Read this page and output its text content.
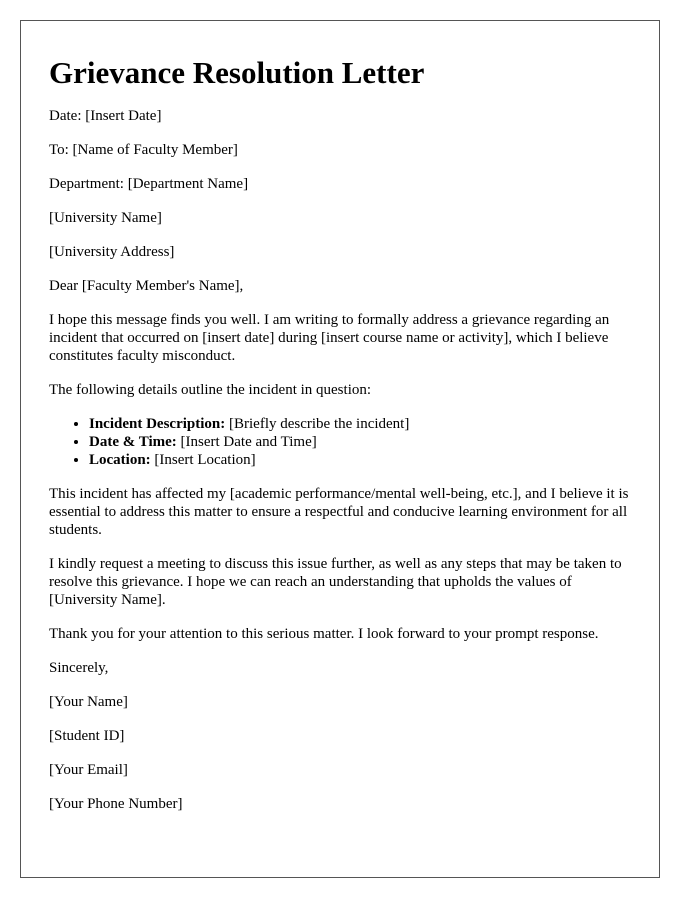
Grievance Resolution Letter

Date: [Insert Date]

To: [Name of Faculty Member]

Department: [Department Name]

[University Name]

[University Address]

Dear [Faculty Member's Name],

I hope this message finds you well. I am writing to formally address a grievance regarding an incident that occurred on [insert date] during [insert course name or activity], which I believe constitutes faculty misconduct.

The following details outline the incident in question:

• Incident Description: [Briefly describe the incident]
• Date & Time: [Insert Date and Time]
• Location: [Insert Location]

This incident has affected my [academic performance/mental well-being, etc.], and I believe it is essential to address this matter to ensure a respectful and conducive learning environment for all students.

I kindly request a meeting to discuss this issue further, as well as any steps that may be taken to resolve this grievance. I hope we can reach an understanding that upholds the values of [University Name].

Thank you for your attention to this serious matter. I look forward to your prompt response.

Sincerely,

[Your Name]

[Student ID]

[Your Email]

[Your Phone Number]
